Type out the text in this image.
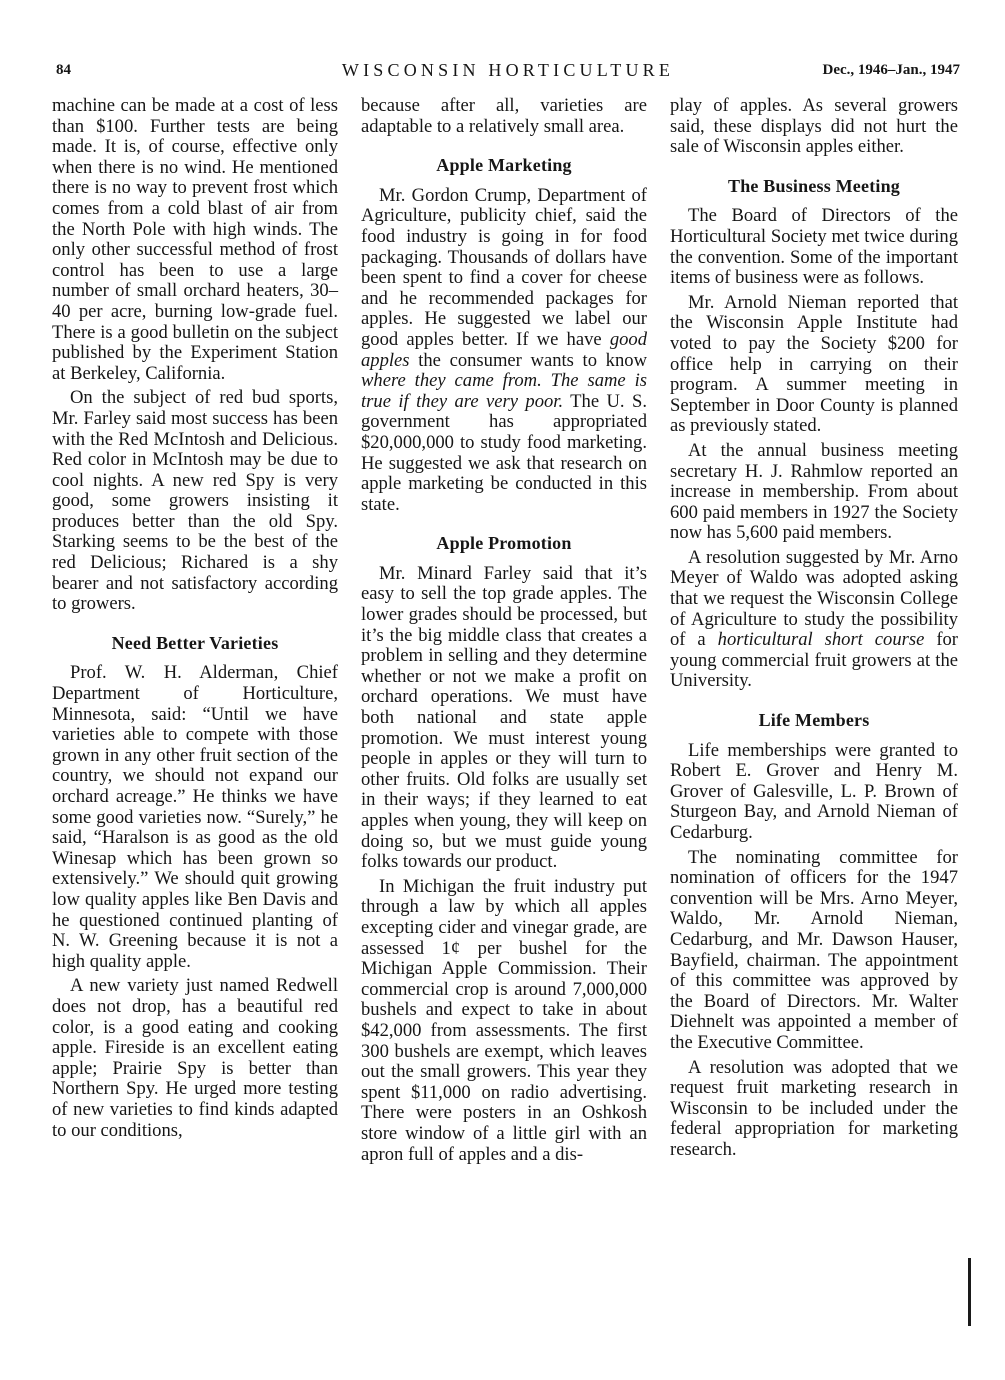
84	WISCONSIN HORTICULTURE	Dec., 1946–Jan., 1947

machine can be made at a cost of less than $100. Further tests are being made. It is, of course, effective only when there is no wind. He mentioned there is no way to prevent frost which comes from a cold blast of air from the North Pole with high winds. The only other successful method of frost control has been to use a large number of small orchard heaters, 30–40 per acre, burning low-grade fuel. There is a good bulletin on the subject published by the Experiment Station at Berkeley, California.

On the subject of red bud sports, Mr. Farley said most success has been with the Red McIntosh and Delicious. Red color in McIntosh may be due to cool nights. A new red Spy is very good, some growers insisting it produces better than the old Spy. Starking seems to be the best of the red Delicious; Richared is a shy bearer and not satisfactory according to growers.

Need Better Varieties

Prof. W. H. Alderman, Chief Department of Horticulture, Minnesota, said: “Until we have varieties able to compete with those grown in any other fruit section of the country, we should not expand our orchard acreage.” He thinks we have some good varieties now. “Surely,” he said, “Haralson is as good as the old Winesap which has been grown so extensively.” We should quit growing low quality apples like Ben Davis and he questioned continued planting of N. W. Greening because it is not a high quality apple.

A new variety just named Redwell does not drop, has a beautiful red color, is a good eating and cooking apple. Fireside is an excellent eating apple; Prairie Spy is better than Northern Spy. He urged more testing of new varieties to find kinds adapted to our conditions,

because after all, varieties are adaptable to a relatively small area.

Apple Marketing

Mr. Gordon Crump, Department of Agriculture, publicity chief, said the food industry is going in for food packaging. Thousands of dollars have been spent to find a cover for cheese and he recommended packages for apples. He suggested we label our good apples better. If we have good apples the consumer wants to know where they came from. The same is true if they are very poor. The U. S. government has appropriated $20,000,000 to study food marketing. He suggested we ask that research on apple marketing be conducted in this state.

Apple Promotion

Mr. Minard Farley said that it’s easy to sell the top grade apples. The lower grades should be processed, but it’s the big middle class that creates a problem in selling and they determine whether or not we make a profit on orchard operations. We must have both national and state apple promotion. We must interest young people in apples or they will turn to other fruits. Old folks are usually set in their ways; if they learned to eat apples when young, they will keep on doing so, but we must guide young folks towards our product.

In Michigan the fruit industry put through a law by which all apples excepting cider and vinegar grade, are assessed 1¢ per bushel for the Michigan Apple Commission. Their commercial crop is around 7,000,000 bushels and expect to take in about $42,000 from assessments. The first 300 bushels are exempt, which leaves out the small growers. This year they spent $11,000 on radio advertising. There were posters in an Oshkosh store window of a little girl with an apron full of apples and a dis-

play of apples. As several growers said, these displays did not hurt the sale of Wisconsin apples either.

The Business Meeting

The Board of Directors of the Horticultural Society met twice during the convention. Some of the important items of business were as follows.

Mr. Arnold Nieman reported that the Wisconsin Apple Institute had voted to pay the Society $200 for office help in carrying on their program. A summer meeting in September in Door County is planned as previously stated.

At the annual business meeting secretary H. J. Rahmlow reported an increase in membership. From about 600 paid members in 1927 the Society now has 5,600 paid members.

A resolution suggested by Mr. Arno Meyer of Waldo was adopted asking that we request the Wisconsin College of Agriculture to study the possibility of a horticultural short course for young commercial fruit growers at the University.

Life Members

Life memberships were granted to Robert E. Grover and Henry M. Grover of Galesville, L. P. Brown of Sturgeon Bay, and Arnold Nieman of Cedarburg.

The nominating committee for nomination of officers for the 1947 convention will be Mrs. Arno Meyer, Waldo, Mr. Arnold Nieman, Cedarburg, and Mr. Dawson Hauser, Bayfield, chairman. The appointment of this committee was approved by the Board of Directors. Mr. Walter Diehnelt was appointed a member of the Executive Committee.

A resolution was adopted that we request fruit marketing research in Wisconsin to be included under the federal appropriation for marketing research.
